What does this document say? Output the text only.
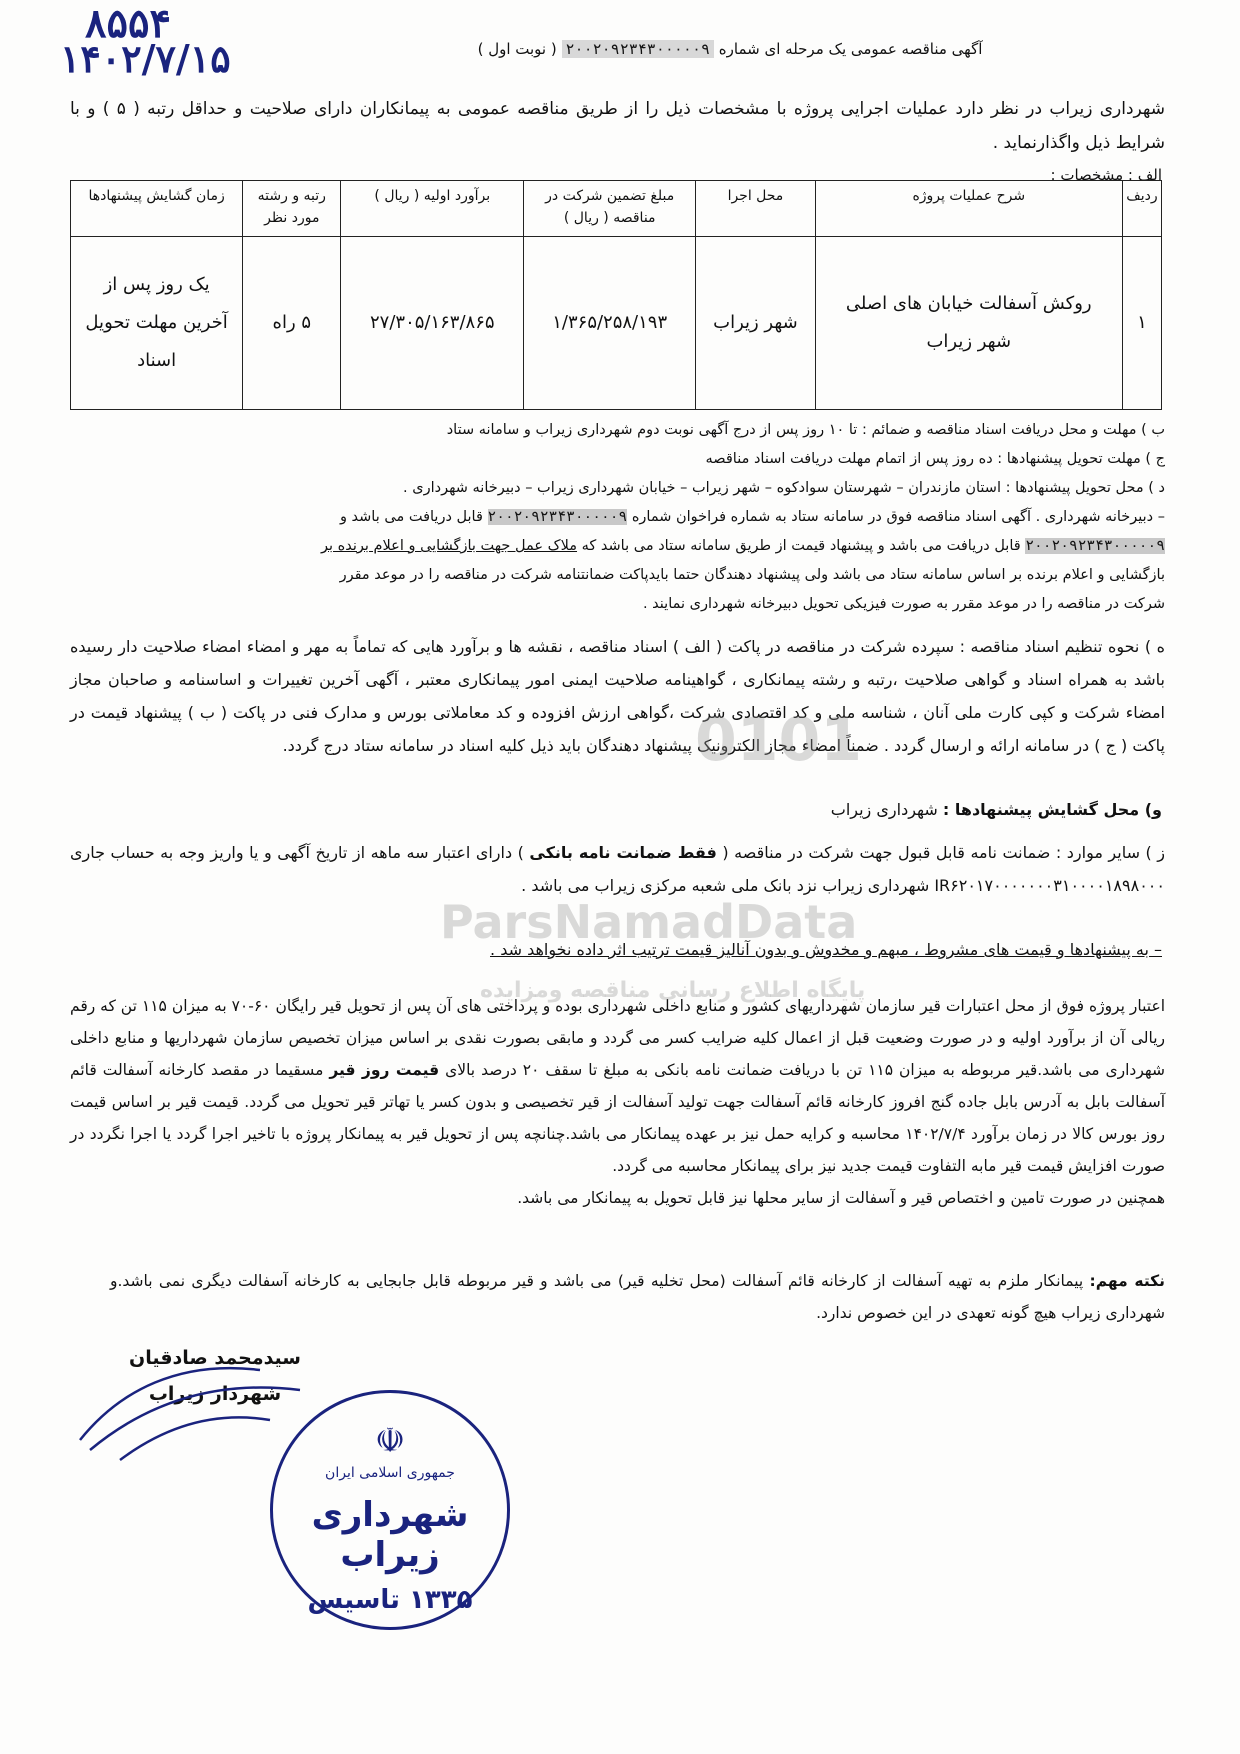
۸۵۵۴
۱۴۰۲/۷/۱۵	آگهی مناقصه عمومی یک مرحله ای شماره ۲۰۰۲۰۹۲۳۴۳۰۰۰۰۰۹ ( نوبت اول )
شهرداری زیراب در نظر دارد عملیات اجرایی پروژه با مشخصات ذیل را از طریق مناقصه عمومی به پیمانکاران دارای صلاحیت و حداقل رتبه ( ۵ ) و با شرایط ذیل واگذارنماید .
الف : مشخصات :
ردیف	شرح عملیات پروژه	محل اجرا	مبلغ تضمین شرکت در مناقصه ( ریال )	برآورد اولیه ( ریال )	رتبه و رشته مورد نظر	زمان گشایش پیشنهادها
۱	روکش آسفالت خیابان های اصلی شهر زیراب	شهر زیراب	۱/۳۶۵/۲۵۸/۱۹۳	۲۷/۳۰۵/۱۶۳/۸۶۵	۵ راه	یک روز پس از آخرین مهلت تحویل اسناد
ب ) مهلت و محل دریافت اسناد مناقصه و ضمائم : تا ۱۰ روز پس از درج آگهی نوبت دوم شهرداری زیراب و سامانه ستاد
ج ) مهلت تحویل پیشنهادها : ده روز پس از اتمام مهلت دریافت اسناد مناقصه
د ) محل تحویل پیشنهادها : استان مازندران – شهرستان سوادکوه – شهر زیراب – خیابان شهرداری زیراب – دبیرخانه شهرداری .
– دبیرخانه شهرداری . آگهی اسناد مناقصه فوق در سامانه ستاد به شماره فراخوان شماره ۲۰۰۲۰۹۲۳۴۳۰۰۰۰۰۹ قابل دریافت می باشد و
۲۰۰۲۰۹۲۳۴۳۰۰۰۰۰۹ قابل دریافت می باشد و پیشنهاد قیمت از طریق سامانه ستاد می باشد که ملاک عمل جهت بازگشایی و اعلام برنده بر
بازگشایی و اعلام برنده بر اساس سامانه ستاد می باشد ولی پیشنهاد دهندگان حتما بایدپاکت ضمانتنامه شرکت در مناقصه را در موعد مقرر
شرکت در مناقصه را در موعد مقرر به صورت فیزیکی تحویل دبیرخانه شهرداری نمایند .
ه ) نحوه تنظیم اسناد مناقصه : سپرده شرکت در مناقصه در پاکت ( الف ) اسناد مناقصه ، نقشه ها و برآورد هایی که تماماً به مهر و امضاء امضاء صلاحیت دار رسیده باشد به همراه اسناد و گواهی صلاحیت ،رتبه و رشته پیمانکاری ، گواهینامه صلاحیت ایمنی امور پیمانکاری معتبر ، آگهی آخرین تغییرات و اساسنامه و صاحبان مجاز امضاء شرکت و کپی کارت ملی آنان ، شناسه ملی و کد اقتصادی شرکت ،گواهی ارزش افزوده و کد معاملاتی بورس و مدارک فنی در پاکت ( ب ) پیشنهاد قیمت در پاکت ( ج ) در سامانه ارائه و ارسال گردد . ضمناً امضاء مجاز الکترونیک پیشنهاد دهندگان باید ذیل کلیه اسناد در سامانه ستاد درج گردد.
و) محل گشایش پیشنهادها : شهرداری زیراب
ز ) سایر موارد : ضمانت نامه قابل قبول جهت شرکت در مناقصه ( فقط ضمانت نامه بانکی ) دارای اعتبار سه ماهه از تاریخ آگهی و یا واریز وجه به حساب جاری IR۶۲۰۱۷۰۰۰۰۰۰۰۳۱۰۰۰۰۱۸۹۸۰۰۰ شهرداری زیراب نزد بانک ملی شعبه مرکزی زیراب می باشد .
– به پیشنهادها و قیمت های مشروط ، مبهم و مخدوش و بدون آنالیز قیمت ترتیب اثر داده نخواهد شد .
اعتبار پروژه فوق از محل اعتبارات قیر سازمان شهرداریهای کشور و منابع داخلی شهرداری بوده و پرداختی های آن پس از تحویل قیر رایگان ۶۰-۷۰ به میزان ۱۱۵ تن که رقم ریالی آن از برآورد اولیه و در صورت وضعیت قبل از اعمال کلیه ضرایب کسر می گردد و مابقی بصورت نقدی بر اساس میزان تخصیص سازمان شهرداریها و منابع داخلی شهرداری می باشد.قیر مربوطه به میزان ۱۱۵ تن با دریافت ضمانت نامه بانکی به مبلغ تا سقف ۲۰ درصد بالای قیمت روز قیر مسقیما در مقصد کارخانه آسفالت قائم آسفالت بابل به آدرس بابل جاده گنج افروز کارخانه قائم آسفالت جهت تولید آسفالت از قیر تخصیصی و بدون کسر یا تهاتر قیر تحویل می گردد. قیمت قیر بر اساس قیمت روز بورس کالا در زمان برآورد ۱۴۰۲/۷/۴ محاسبه و کرایه حمل نیز بر عهده پیمانکار می باشد.چنانچه پس از تحویل قیر به پیمانکار پروژه با تاخیر اجرا گردد یا اجرا نگردد در صورت افزایش قیمت قیر مابه التفاوت قیمت جدید نیز برای پیمانکار محاسبه می گردد.
همچنین در صورت تامین و اختصاص قیر و آسفالت از سایر محلها نیز قابل تحویل به پیمانکار می باشد.
نکته مهم: پیمانکار ملزم به تهیه آسفالت از کارخانه قائم آسفالت (محل تخلیه قیر) می باشد و قیر مربوطه قابل جابجایی به کارخانه آسفالت دیگری نمی باشد.و شهرداری زیراب هیچ گونه تعهدی در این خصوص ندارد.
سیدمحمد صادقیان
شهردار زیراب
☫
جمهوری اسلامی ایران
شهرداری زیراب
۱۳۳۵ تاسیس
ParsNamadData
پایگاه اطلاع رسانی مناقصه ومزایده
0101
